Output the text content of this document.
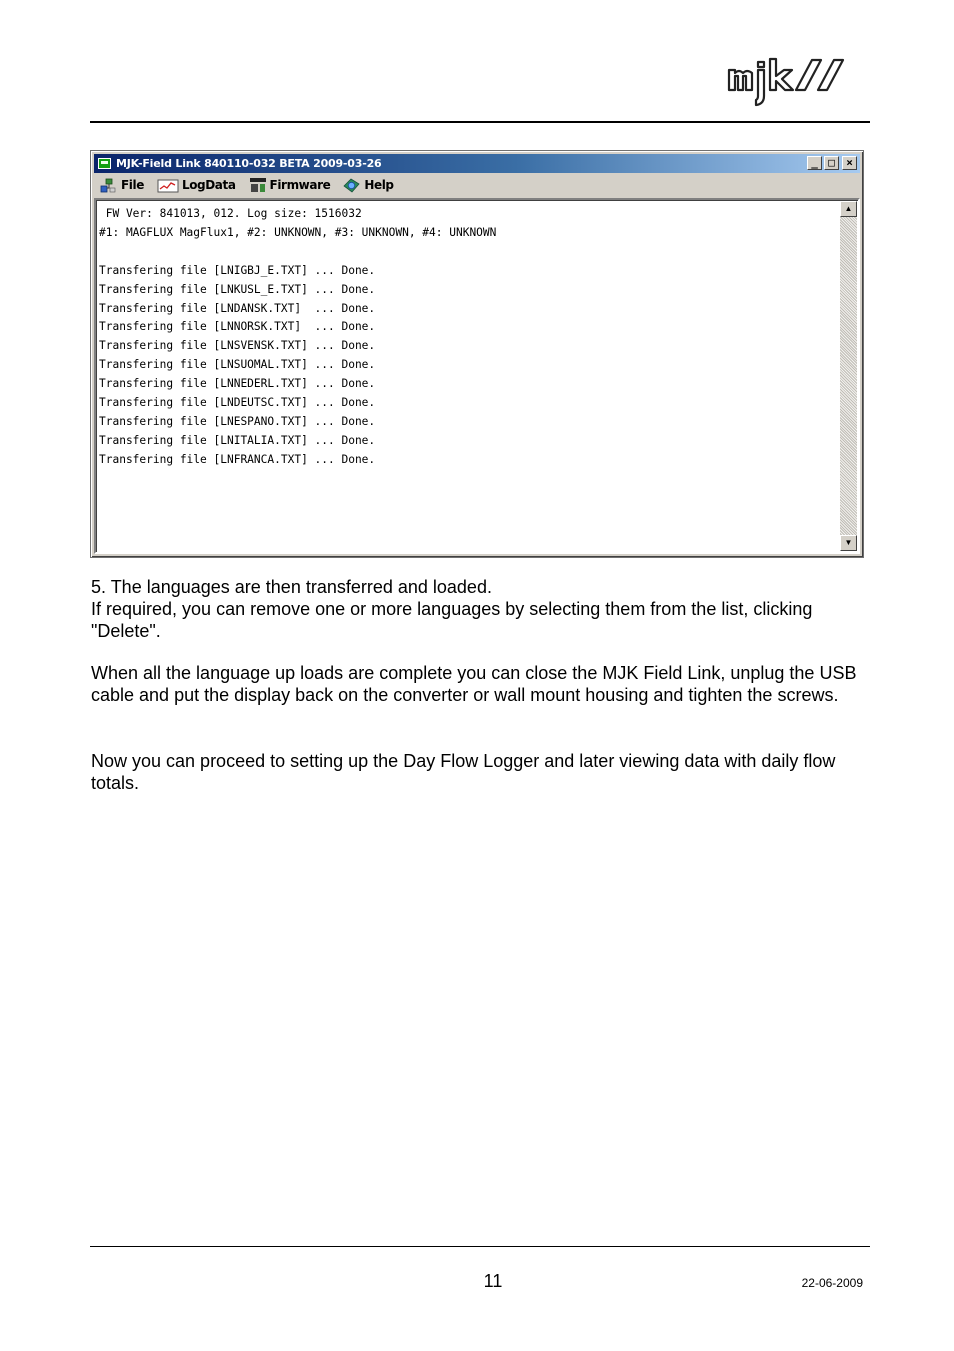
MJK-Field Link 840110-032 BETA 2009-03-26	_ □	×
File	LogData	Firmware	Help
FW Ver: 841013, 012. Log size: 1516032
#1: MAGFLUX MagFlux1, #2: UNKNOWN, #3: UNKNOWN, #4: UNKNOWN

Transfering file [LNIGBJ_E.TXT] ... Done.
Transfering file [LNKUSL_E.TXT] ... Done.
Transfering file [LNDANSK.TXT]  ... Done.
Transfering file [LNNORSK.TXT]  ... Done.
Transfering file [LNSVENSK.TXT] ... Done.
Transfering file [LNSUOMAL.TXT] ... Done.
Transfering file [LNNEDERL.TXT] ... Done.
Transfering file [LNDEUTSC.TXT] ... Done.
Transfering file [LNESPANO.TXT] ... Done.
Transfering file [LNITALIA.TXT] ... Done.
Transfering file [LNFRANCA.TXT] ... Done.
▲
▼

5. The languages are then transferred and loaded.
If required, you can remove one or more languages by selecting them from the list, clicking "Delete".

When all the language up loads are complete you can close the MJK Field Link, unplug the USB cable and put the display back on the converter or wall mount housing and tighten the screws.

Now you can proceed to setting up the Day Flow Logger and later viewing data with daily flow totals.

11	22-06-2009
